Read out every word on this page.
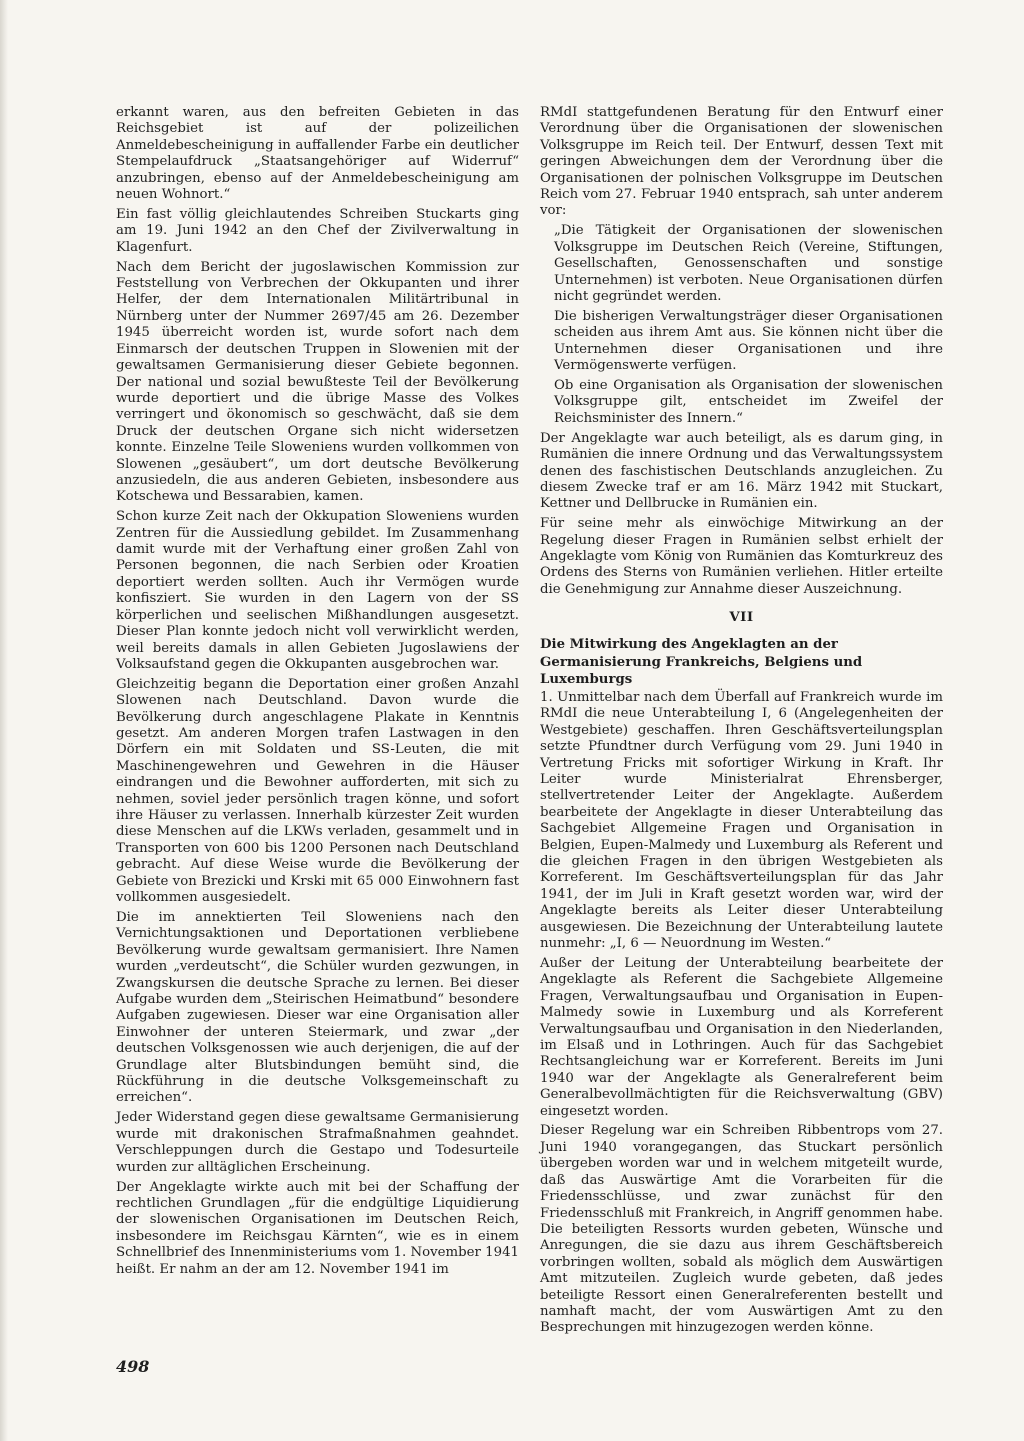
erkannt waren, aus den befreiten Gebieten in das Reichsgebiet ist auf der polizeilichen Anmeldebescheinigung in auffallender Farbe ein deutlicher Stempelaufdruck „Staatsangehöriger auf Widerruf“ anzubringen, ebenso auf der Anmeldebescheinigung am neuen Wohnort.“

Ein fast völlig gleichlautendes Schreiben Stuckarts ging am 19. Juni 1942 an den Chef der Zivilverwaltung in Klagenfurt.

Nach dem Bericht der jugoslawischen Kommission zur Feststellung von Verbrechen der Okkupanten und ihrer Helfer, der dem Internationalen Militärtribunal in Nürnberg unter der Nummer 2697/45 am 26. Dezember 1945 überreicht worden ist, wurde sofort nach dem Einmarsch der deutschen Truppen in Slowenien mit der gewaltsamen Germanisierung dieser Gebiete begonnen. Der national und sozial bewußteste Teil der Bevölkerung wurde deportiert und die übrige Masse des Volkes verringert und ökonomisch so geschwächt, daß sie dem Druck der deutschen Organe sich nicht widersetzen konnte. Einzelne Teile Sloweniens wurden vollkommen von Slowenen „gesäubert“, um dort deutsche Bevölkerung anzusiedeln, die aus anderen Gebieten, insbesondere aus Kotschewa und Bessarabien, kamen.

Schon kurze Zeit nach der Okkupation Sloweniens wurden Zentren für die Aussiedlung gebildet. Im Zusammenhang damit wurde mit der Verhaftung einer großen Zahl von Personen begonnen, die nach Serbien oder Kroatien deportiert werden sollten. Auch ihr Vermögen wurde konfisziert. Sie wurden in den Lagern von der SS körperlichen und seelischen Mißhandlungen ausgesetzt. Dieser Plan konnte jedoch nicht voll verwirklicht werden, weil bereits damals in allen Gebieten Jugoslawiens der Volksaufstand gegen die Okkupanten ausgebrochen war.

Gleichzeitig begann die Deportation einer großen Anzahl Slowenen nach Deutschland. Davon wurde die Bevölkerung durch angeschlagene Plakate in Kenntnis gesetzt. Am anderen Morgen trafen Lastwagen in den Dörfern ein mit Soldaten und SS-Leuten, die mit Maschinengewehren und Gewehren in die Häuser eindrangen und die Bewohner aufforderten, mit sich zu nehmen, soviel jeder persönlich tragen könne, und sofort ihre Häuser zu verlassen. Innerhalb kürzester Zeit wurden diese Menschen auf die LKWs verladen, gesammelt und in Transporten von 600 bis 1200 Personen nach Deutschland gebracht. Auf diese Weise wurde die Bevölkerung der Gebiete von Brezicki und Krski mit 65 000 Einwohnern fast vollkommen ausgesiedelt.

Die im annektierten Teil Sloweniens nach den Vernichtungsaktionen und Deportationen verbliebene Bevölkerung wurde gewaltsam germanisiert. Ihre Namen wurden „verdeutscht“, die Schüler wurden gezwungen, in Zwangskursen die deutsche Sprache zu lernen. Bei dieser Aufgabe wurden dem „Steirischen Heimatbund“ besondere Aufgaben zugewiesen. Dieser war eine Organisation aller Einwohner der unteren Steiermark, und zwar „der deutschen Volksgenossen wie auch derjenigen, die auf der Grundlage alter Blutsbindungen bemüht sind, die Rückführung in die deutsche Volksgemeinschaft zu erreichen“.

Jeder Widerstand gegen diese gewaltsame Germanisierung wurde mit drakonischen Strafmaßnahmen geahndet. Verschleppungen durch die Gestapo und Todesurteile wurden zur alltäglichen Erscheinung.

Der Angeklagte wirkte auch mit bei der Schaffung der rechtlichen Grundlagen „für die endgültige Liquidierung der slowenischen Organisationen im Deutschen Reich, insbesondere im Reichsgau Kärnten“, wie es in einem Schnellbrief des Innenministeriums vom 1. November 1941 heißt. Er nahm an der am 12. November 1941 im

RMdI stattgefundenen Beratung für den Entwurf einer Verordnung über die Organisationen der slowenischen Volksgruppe im Reich teil. Der Entwurf, dessen Text mit geringen Abweichungen dem der Verordnung über die Organisationen der polnischen Volksgruppe im Deutschen Reich vom 27. Februar 1940 entsprach, sah unter anderem vor:

„Die Tätigkeit der Organisationen der slowenischen Volksgruppe im Deutschen Reich (Vereine, Stiftungen, Gesellschaften, Genossenschaften und sonstige Unternehmen) ist verboten. Neue Organisationen dürfen nicht gegründet werden.

Die bisherigen Verwaltungsträger dieser Organisationen scheiden aus ihrem Amt aus. Sie können nicht über die Unternehmen dieser Organisationen und ihre Vermögenswerte verfügen.

Ob eine Organisation als Organisation der slowenischen Volksgruppe gilt, entscheidet im Zweifel der Reichsminister des Innern.“

Der Angeklagte war auch beteiligt, als es darum ging, in Rumänien die innere Ordnung und das Verwaltungssystem denen des faschistischen Deutschlands anzugleichen. Zu diesem Zwecke traf er am 16. März 1942 mit Stuckart, Kettner und Dellbrucke in Rumänien ein.

Für seine mehr als einwöchige Mitwirkung an der Regelung dieser Fragen in Rumänien selbst erhielt der Angeklagte vom König von Rumänien das Komturkreuz des Ordens des Sterns von Rumänien verliehen. Hitler erteilte die Genehmigung zur Annahme dieser Auszeichnung.

VII
Die Mitwirkung des Angeklagten an der
Germanisierung Frankreichs, Belgiens und Luxemburgs

1. Unmittelbar nach dem Überfall auf Frankreich wurde im RMdI die neue Unterabteilung I, 6 (Angelegenheiten der Westgebiete) geschaffen. Ihren Geschäftsverteilungsplan setzte Pfundtner durch Verfügung vom 29. Juni 1940 in Vertretung Fricks mit sofortiger Wirkung in Kraft. Ihr Leiter wurde Ministerialrat Ehrensberger, stellvertretender Leiter der Angeklagte. Außerdem bearbeitete der Angeklagte in dieser Unterabteilung das Sachgebiet Allgemeine Fragen und Organisation in Belgien, Eupen-Malmedy und Luxemburg als Referent und die gleichen Fragen in den übrigen Westgebieten als Korreferent. Im Geschäftsverteilungsplan für das Jahr 1941, der im Juli in Kraft gesetzt worden war, wird der Angeklagte bereits als Leiter dieser Unterabteilung ausgewiesen. Die Bezeichnung der Unterabteilung lautete nunmehr: „I, 6 — Neuordnung im Westen.“

Außer der Leitung der Unterabteilung bearbeitete der Angeklagte als Referent die Sachgebiete Allgemeine Fragen, Verwaltungsaufbau und Organisation in Eupen-Malmedy sowie in Luxemburg und als Korreferent Verwaltungsaufbau und Organisation in den Niederlanden, im Elsaß und in Lothringen. Auch für das Sachgebiet Rechtsangleichung war er Korreferent. Bereits im Juni 1940 war der Angeklagte als Generalreferent beim Generalbevollmächtigten für die Reichsverwaltung (GBV) eingesetzt worden.

Dieser Regelung war ein Schreiben Ribbentrops vom 27. Juni 1940 vorangegangen, das Stuckart persönlich übergeben worden war und in welchem mitgeteilt wurde, daß das Auswärtige Amt die Vorarbeiten für die Friedensschlüsse, und zwar zunächst für den Friedensschluß mit Frankreich, in Angriff genommen habe. Die beteiligten Ressorts wurden gebeten, Wünsche und Anregungen, die sie dazu aus ihrem Geschäftsbereich vorbringen wollten, sobald als möglich dem Auswärtigen Amt mitzuteilen. Zugleich wurde gebeten, daß jedes beteiligte Ressort einen Generalreferenten bestellt und namhaft macht, der vom Auswärtigen Amt zu den Besprechungen mit hinzugezogen werden könne.

498
